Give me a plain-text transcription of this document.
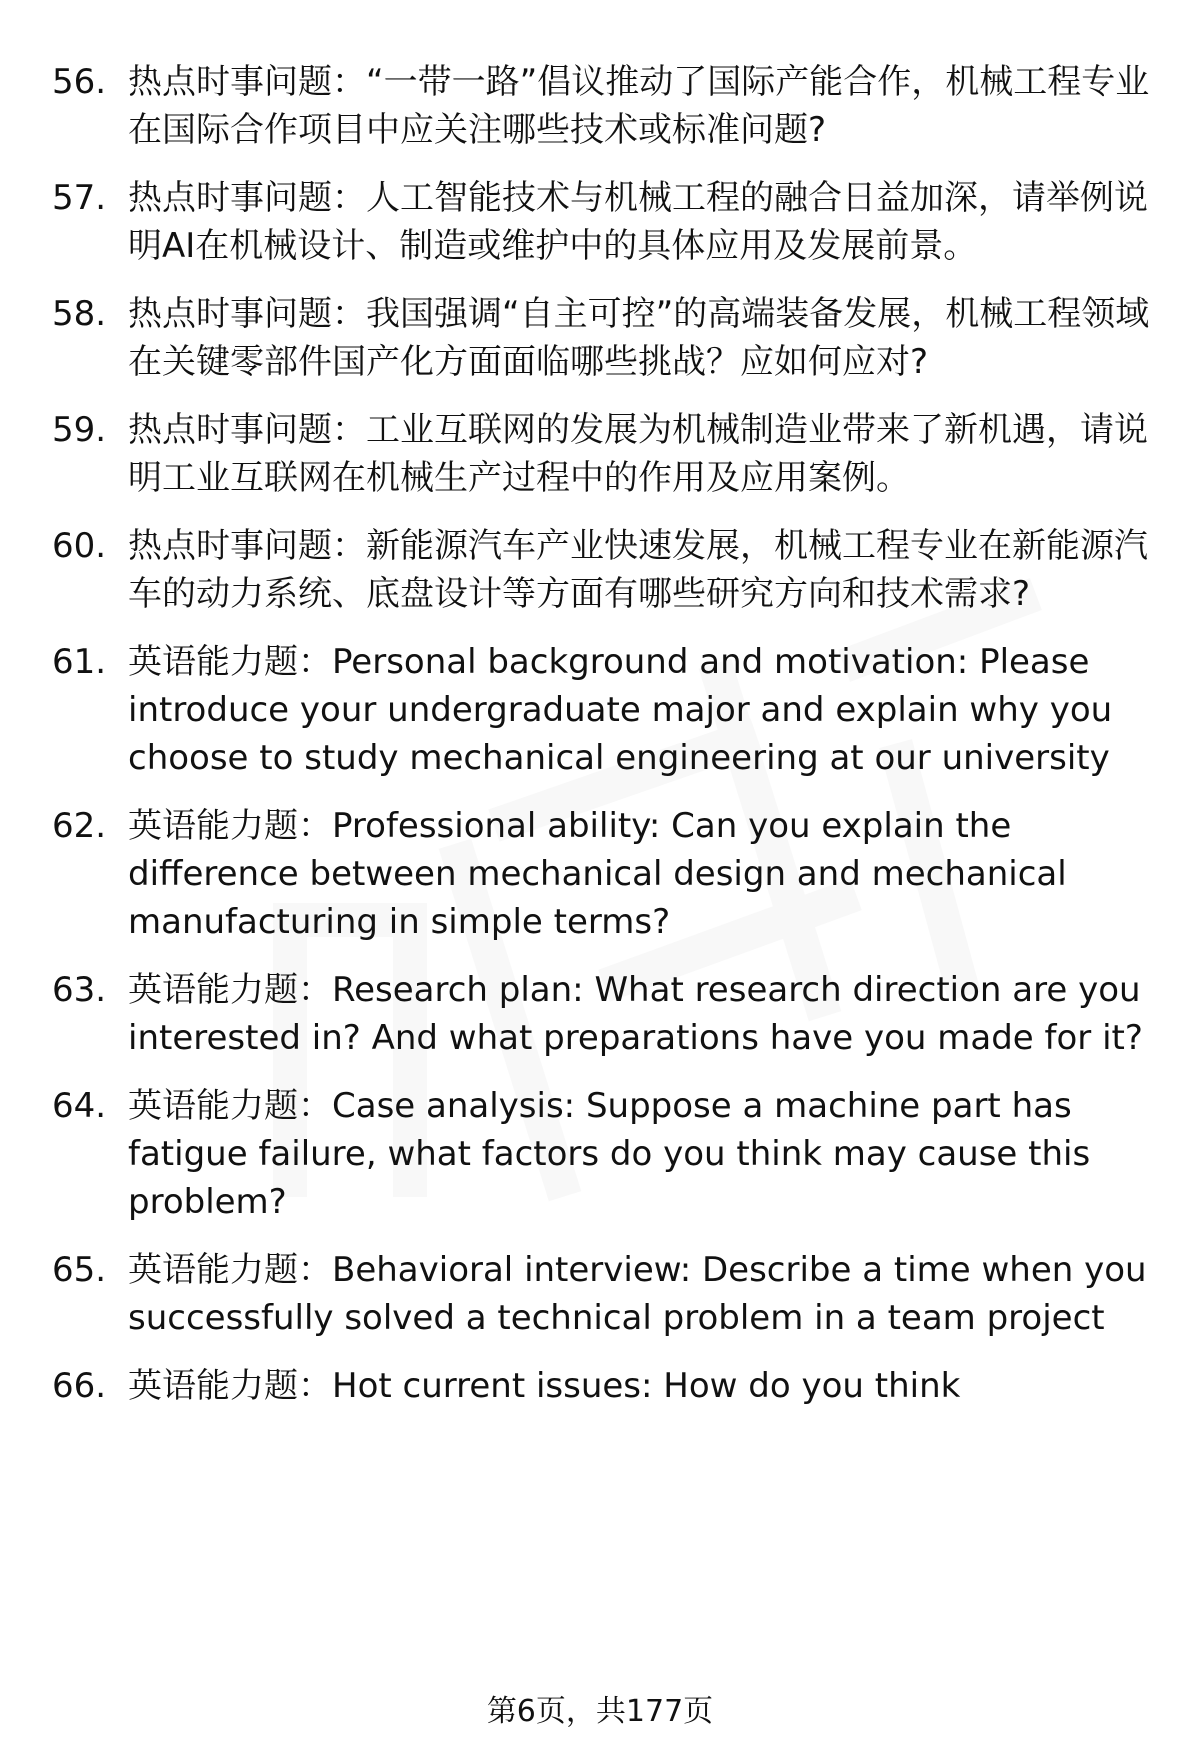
56. 热点时事问题：“一带一路”倡议推动了国际产能合作，机械工程专业在国际合作项目中应关注哪些技术或标准问题?
57. 热点时事问题：人工智能技术与机械工程的融合日益加深，请举例说明AI在机械设计、制造或维护中的具体应用及发展前景。
58. 热点时事问题：我国强调“自主可控”的高端装备发展，机械工程领域在关键零部件国产化方面面临哪些挑战？应如何应对?
59. 热点时事问题：工业互联网的发展为机械制造业带来了新机遇，请说明工业互联网在机械生产过程中的作用及应用案例。
60. 热点时事问题：新能源汽车产业快速发展，机械工程专业在新能源汽车的动力系统、底盘设计等方面有哪些研究方向和技术需求?
61. 英语能力题：Personal background and motivation: Please introduce your undergraduate major and explain why you choose to study mechanical engineering at our university
62. 英语能力题：Professional ability: Can you explain the difference between mechanical design and mechanical manufacturing in simple terms?
63. 英语能力题：Research plan: What research direction are you interested in? And what preparations have you made for it?
64. 英语能力题：Case analysis: Suppose a machine part has fatigue failure, what factors do you think may cause this problem?
65. 英语能力题：Behavioral interview: Describe a time when you successfully solved a technical problem in a team project
66. 英语能力题：Hot current issues: How do you think
第6页，共177页
